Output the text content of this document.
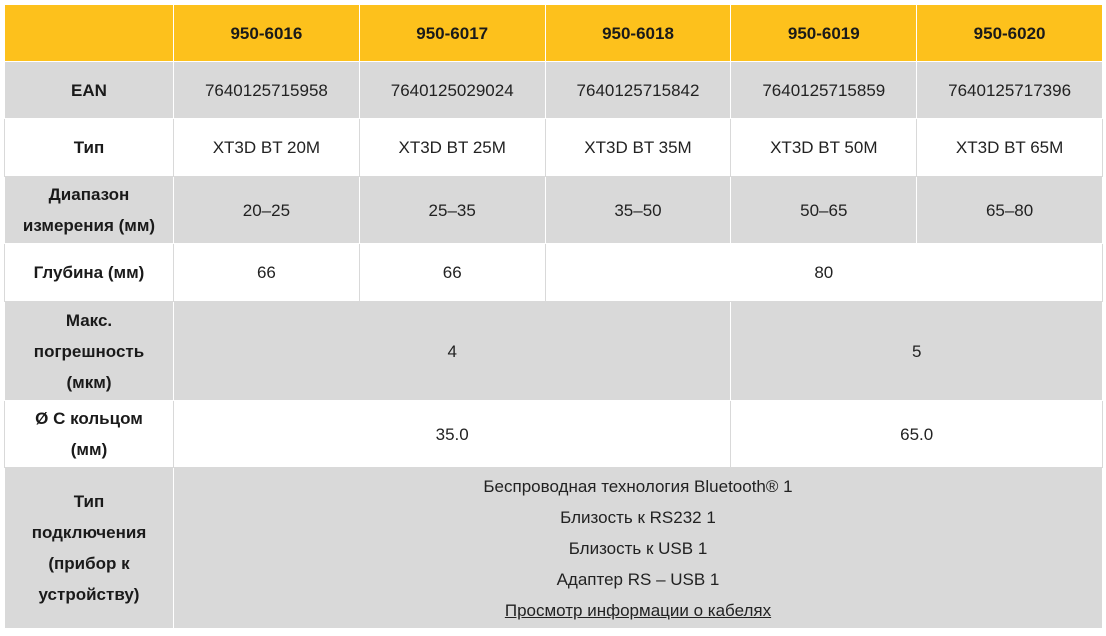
	950-6016	950-6017	950-6018	950-6019	950-6020
EAN	7640125715958	7640125029024	7640125715842	7640125715859	7640125717396
Тип	XT3D BT 20M	XT3D BT 25M	XT3D BT 35M	XT3D BT 50M	XT3D BT 65M

Диапазон
измерения (мм)	20–25	25–35	35–50	50–65	65–80
Глубина (мм)	66	66	80		

Макс.
погрешность
(мкм)	4			5	

Ø С кольцом
(мм)	35.0			65.0	

Тип
подключения
(прибор к
устройству)	Беспроводная технология Bluetooth® 1
Близость к RS232 1
Близость к USB 1
Адаптер RS – USB 1
Просмотр информации о кабелях				
